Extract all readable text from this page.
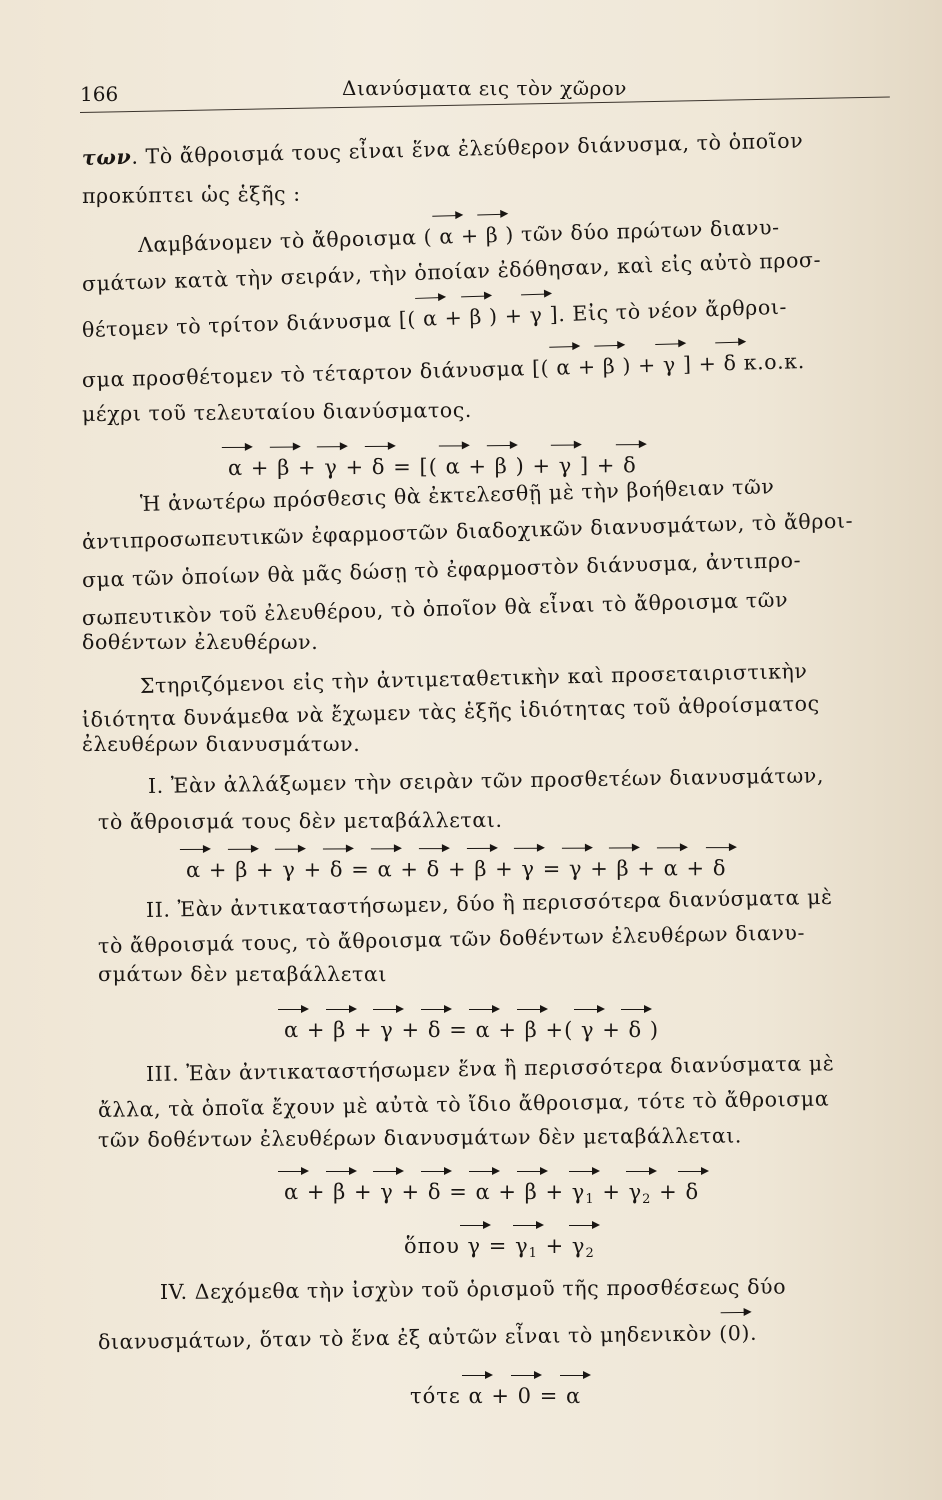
166	Διανύσματα εις τὸν χῶρον
των. Τὸ ἄθροισμά τους εἶναι ἕνα ἐλεύθερον διάνυσμα, τὸ ὁποῖον
προκύπτει ὡς ἑξῆς :
Λαμβάνομεν τὸ ἄθροισμα ( α + β ) τῶν δύο πρώτων διανυ-
σμάτων κατὰ τὴν σειράν, τὴν ὁποίαν ἐδόθησαν, καὶ εἰς αὐτὸ προσ-
θέτομεν τὸ τρίτον διάνυσμα [( α + β ) + γ ]. Εἰς τὸ νέον ἄρθροι-
σμα προσθέτομεν τὸ τέταρτον διάνυσμα [( α + β ) + γ ] + δ κ.ο.κ.
μέχρι τοῦ τελευταίου διανύσματος.
α + β + γ + δ = [( α + β ) + γ ] + δ
Ἡ ἀνωτέρω πρόσθεσις θὰ ἐκτελεσθῇ μὲ τὴν βοήθειαν τῶν
ἀντιπροσωπευτικῶν ἐφαρμοστῶν διαδοχικῶν διανυσμάτων, τὸ ἄθροι-
σμα τῶν ὁποίων θὰ μᾶς δώσῃ τὸ ἐφαρμοστὸν διάνυσμα, ἀντιπρο-
σωπευτικὸν τοῦ ἐλευθέρου, τὸ ὁποῖον θὰ εἶναι τὸ ἄθροισμα τῶν
δοθέντων ἐλευθέρων.
Στηριζόμενοι εἰς τὴν ἀντιμεταθετικὴν καὶ προσεταιριστικὴν
ἰδιότητα δυνάμεθα νὰ ἔχωμεν τὰς ἑξῆς ἰδιότητας τοῦ ἀθροίσματος
ἐλευθέρων διανυσμάτων.
Ι. Ἐὰν ἀλλάξωμεν τὴν σειρὰν τῶν προσθετέων διανυσμάτων,
τὸ ἄθροισμά τους δὲν μεταβάλλεται.
α + β + γ + δ = α + δ + β + γ = γ + β + α + δ
ΙΙ. Ἐὰν ἀντικαταστήσωμεν, δύο ἢ περισσότερα διανύσματα μὲ
τὸ ἄθροισμά τους, τὸ ἄθροισμα τῶν δοθέντων ἐλευθέρων διανυ-
σμάτων δὲν μεταβάλλεται
α + β + γ + δ = α + β +( γ + δ )
ΙΙΙ. Ἐὰν ἀντικαταστήσωμεν ἕνα ἢ περισσότερα διανύσματα μὲ
ἄλλα, τὰ ὁποῖα ἔχουν μὲ αὐτὰ τὸ ἴδιο ἄθροισμα, τότε τὸ ἄθροισμα
τῶν δοθέντων ἐλευθέρων διανυσμάτων δὲν μεταβάλλεται.
$\alpha + \beta + \gamma + \delta = \alpha + \beta + \gamma_1 + \gamma_2 + \delta$
ὅπου $\gamma = \gamma_1 + \gamma_2$
ΙV. Δεχόμεθα τὴν ἰσχὺν τοῦ ὁρισμοῦ τῆς προσθέσεως δύο
διανυσμάτων, ὅταν τὸ ἕνα ἐξ αὐτῶν εἶναι τὸ μηδενικὸν (0).
τότε α + 0 = α
